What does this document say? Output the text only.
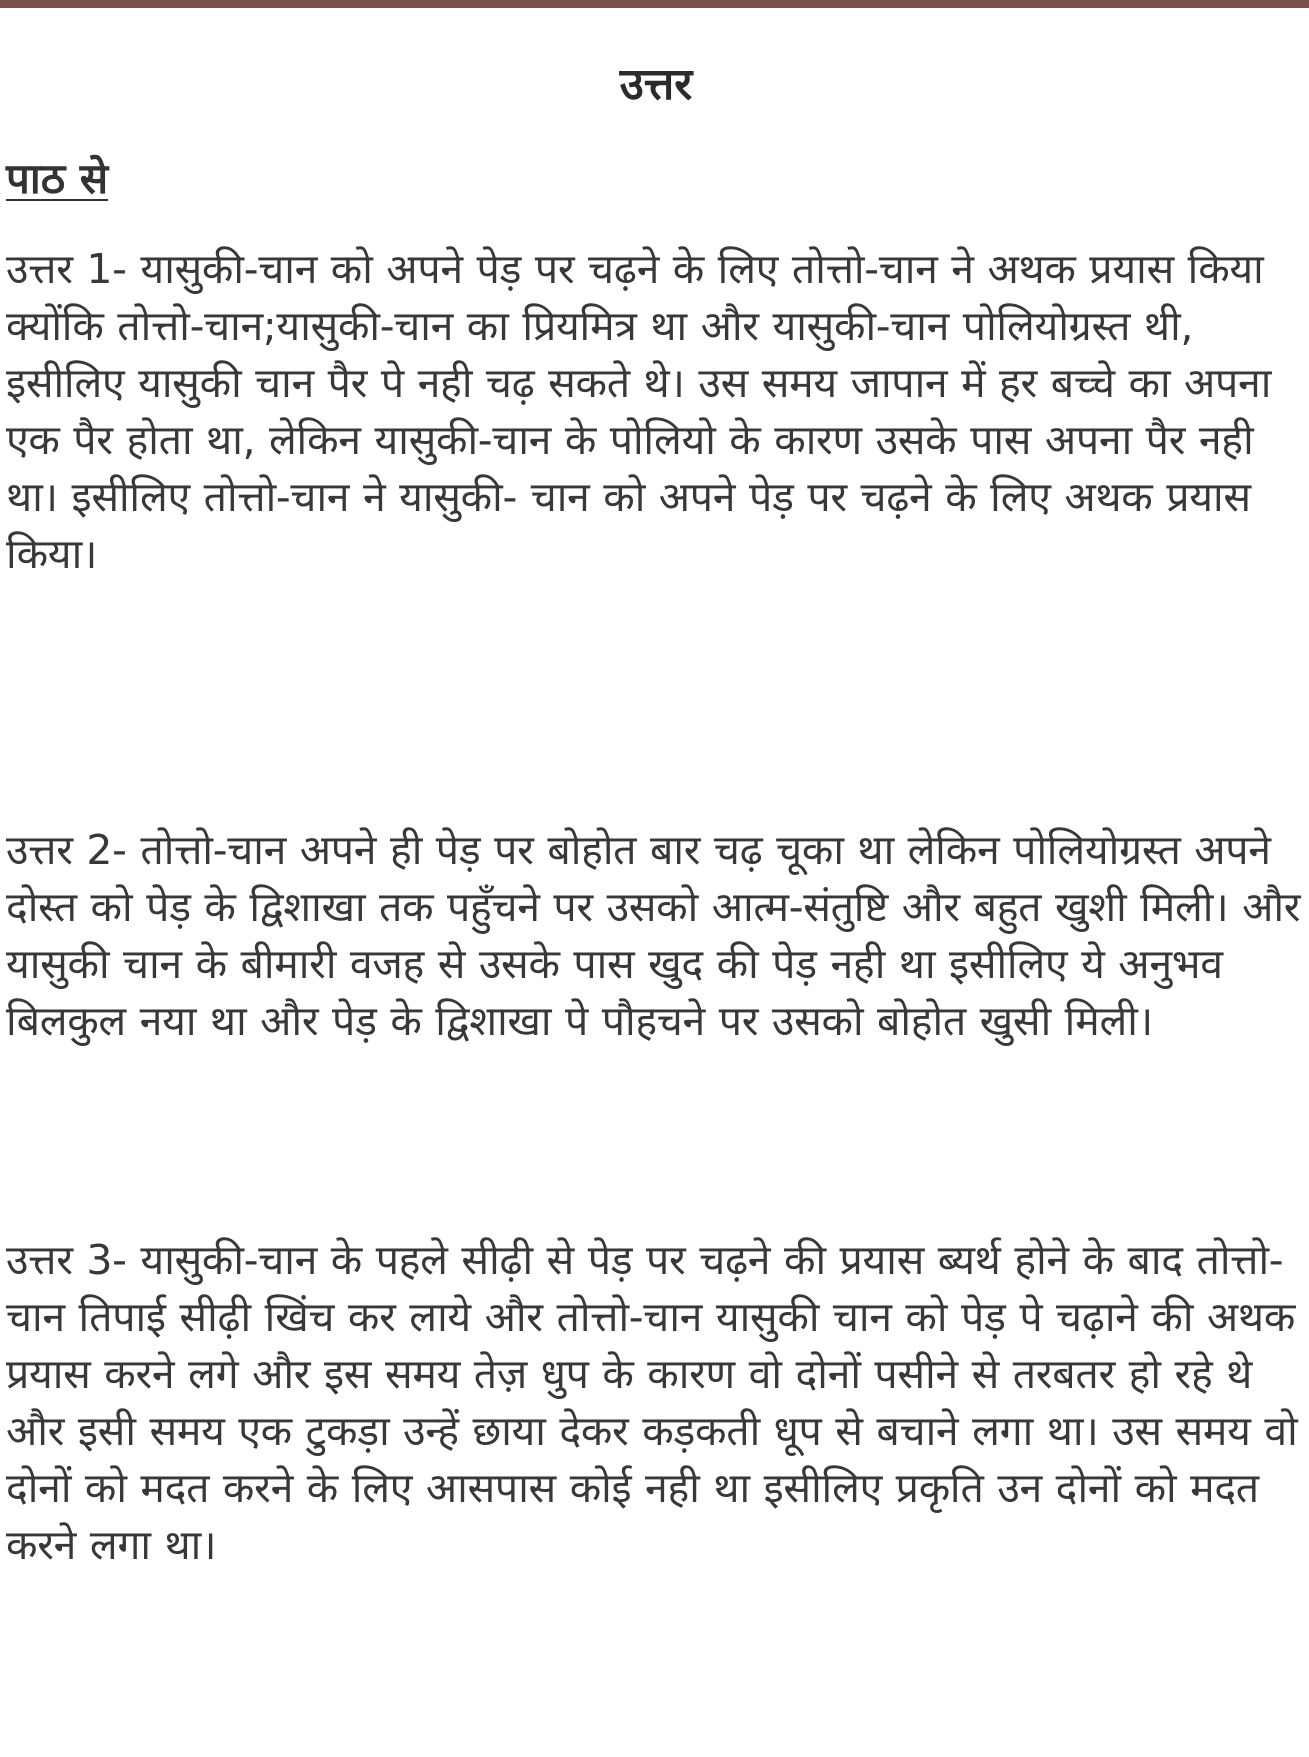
उत्तर
पाठ से

उत्तर 1- यासुकी-चान को अपने पेड़ पर चढ़ने के लिए तोत्तो-चान ने अथक प्रयास किया क्योंकि तोत्तो-चान;यासुकी-चान का प्रियमित्र था और यासुकी-चान पोलियोग्रस्त थी, इसीलिए यासुकी चान पैर पे नही चढ़ सकते थे। उस समय जापान में हर बच्चे का अपना एक पैर होता था, लेकिन यासुकी-चान के पोलियो के कारण उसके पास अपना पैर नही था। इसीलिए तोत्तो-चान ने यासुकी- चान को अपने पेड़ पर चढ़ने के लिए अथक प्रयास किया।

उत्तर 2- तोत्तो-चान अपने ही पेड़ पर बोहोत बार चढ़ चूका था लेकिन पोलियोग्रस्त अपने दोस्त को पेड़ के द्विशाखा तक पहुँचने पर उसको आत्म-संतुष्टि और बहुत खुशी मिली। और यासुकी चान के बीमारी वजह से उसके पास खुद की पेड़ नही था इसीलिए ये अनुभव बिलकुल नया था और पेड़ के द्विशाखा पे पौहचने पर उसको बोहोत खुसी मिली।

उत्तर 3- यासुकी-चान के पहले सीढ़ी से पेड़ पर चढ़ने की प्रयास ब्यर्थ होने के बाद तोत्तो-चान तिपाई सीढ़ी खिंच कर लाये और तोत्तो-चान यासुकी चान को पेड़ पे चढ़ाने की अथक प्रयास करने लगे और इस समय तेज़ धुप के कारण वो दोनों पसीने से तरबतर हो रहे थे और इसी समय एक टुकड़ा उन्हें छाया देकर कड़कती धूप से बचाने लगा था। उस समय वो दोनों को मदत करने के लिए आसपास कोई नही था इसीलिए प्रकृति उन दोनों को मदत करने लगा था।
